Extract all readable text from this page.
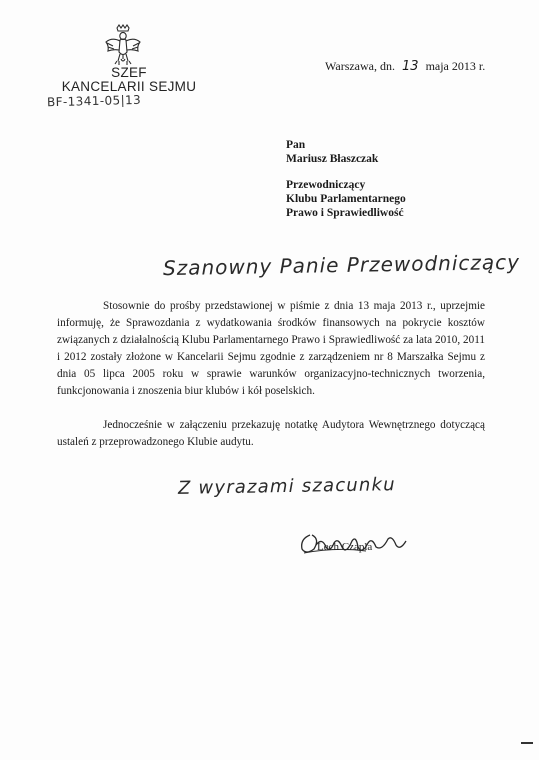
SZEF
KANCELARII SEJMU
BF-1341-05|13
Warszawa, dn. 13 maja 2013 r.
Pan
Mariusz Błaszczak
Przewodniczący
Klubu Parlamentarnego
Prawo i Sprawiedliwość
Szanowny Panie Przewodniczący
Stosownie do prośby przedstawionej w piśmie z dnia 13 maja 2013 r., uprzejmie informuję, że Sprawozdania z wydatkowania środków finansowych na pokrycie kosztów związanych z działalnością Klubu Parlamentarnego Prawo i Sprawiedliwość za lata 2010, 2011 i 2012 zostały złożone w Kancelarii Sejmu zgodnie z zarządzeniem nr 8 Marszałka Sejmu z dnia 05 lipca 2005 roku w sprawie warunków organizacyjno-technicznych tworzenia, funkcjonowania i znoszenia biur klubów i kół poselskich.
Jednocześnie w załączeniu przekazuję notatkę Audytora Wewnętrznego dotyczącą ustaleń z przeprowadzonego Klubie audytu.
Z wyrazami szacunku
Lech Czapla
